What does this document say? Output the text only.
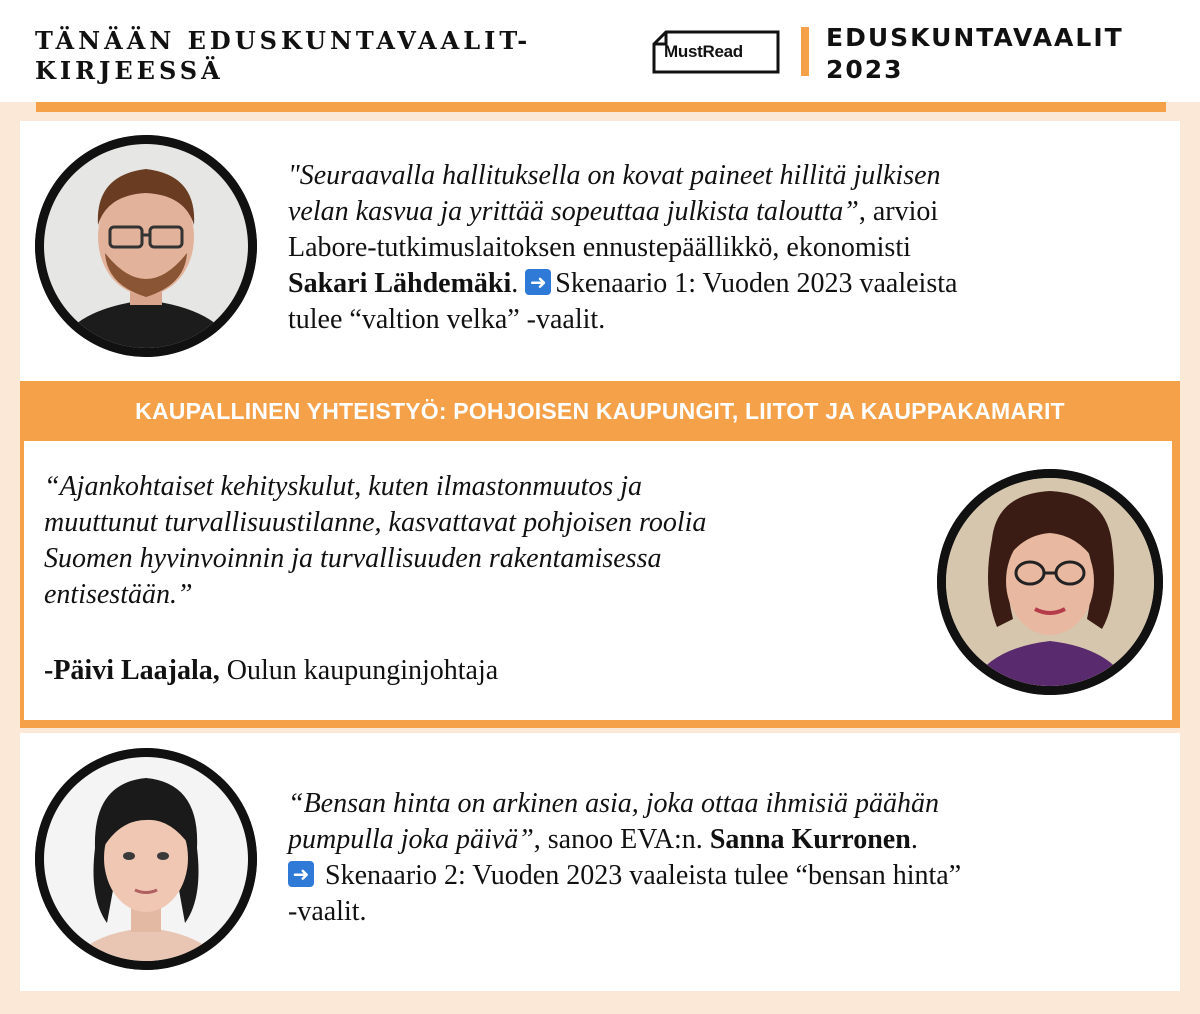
TÄNÄÄN EDUSKUNTAVAALIT-
KIRJEESSÄ
MustRead	EDUSKUNTAVAALIT
2023
"Seuraavalla hallituksella on kovat paineet hillitä julkisen
velan kasvua ja yrittää sopeuttaa julkista taloutta”, arvioi
Labore-tutkimuslaitoksen ennustepäällikkö, ekonomisti
Sakari Lähdemäki. ➜ Skenaario 1: Vuoden 2023 vaaleista
tulee “valtion velka” -vaalit.
KAUPALLINEN YHTEISTYÖ: POHJOISEN KAUPUNGIT, LIITOT JA KAUPPAKAMARIT
“Ajankohtaiset kehityskulut, kuten ilmastonmuutos ja
muuttunut turvallisuustilanne, kasvattavat pohjoisen roolia
Suomen hyvinvoinnin ja turvallisuuden rakentamisessa
entisestään.”
-Päivi Laajala, Oulun kaupunginjohtaja
“Bensan hinta on arkinen asia, joka ottaa ihmisiä päähän
pumpulla joka päivä”, sanoo EVA:n. Sanna Kurronen.
➜ Skenaario 2: Vuoden 2023 vaaleista tulee “bensan hinta”
-vaalit.
